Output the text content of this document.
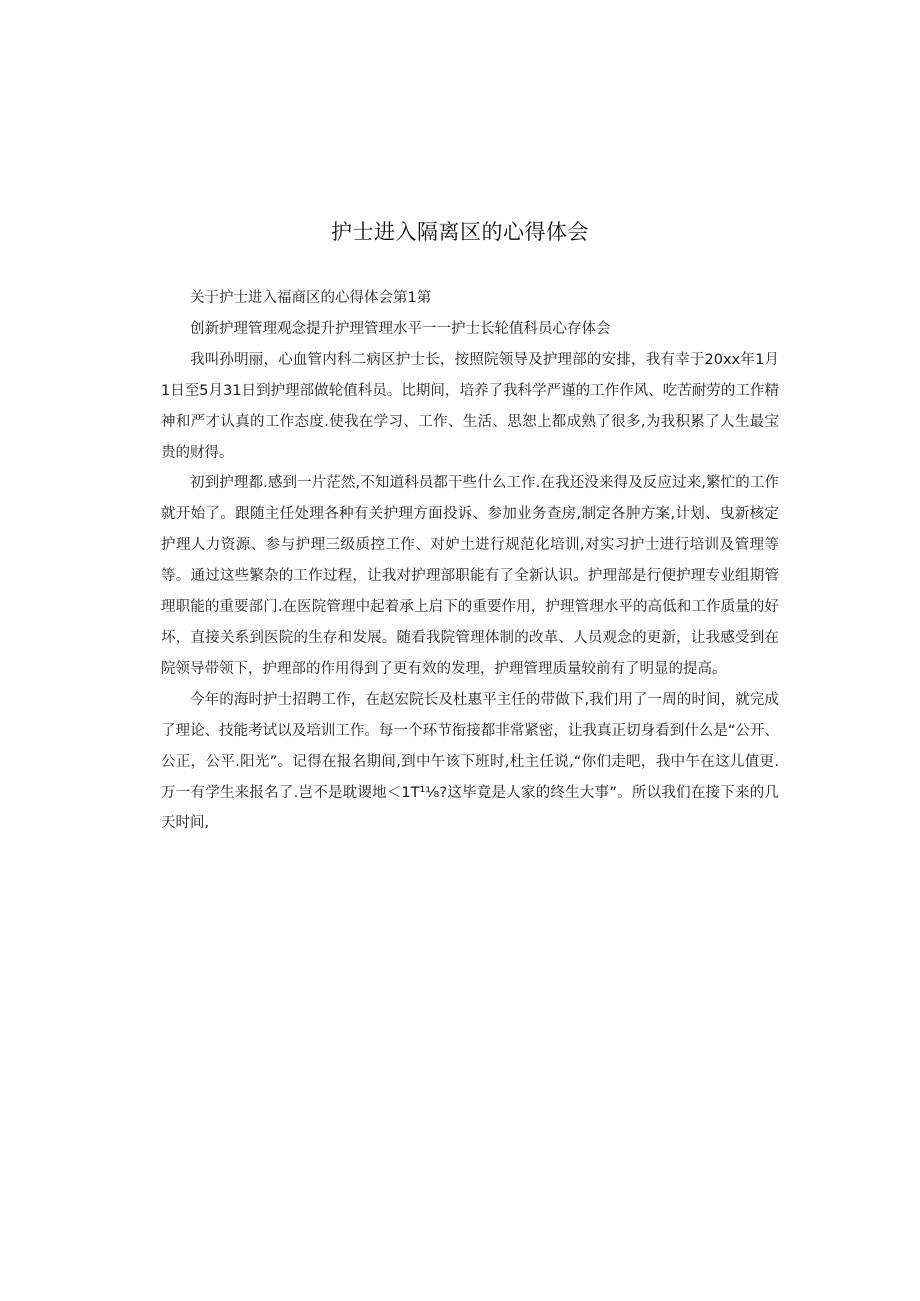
护士进入隔离区的心得体会

关于护士进入福商区的心得体会第1第

创新护理管理观念提升护理管理水平一一护士长轮值科员心存体会

我叫孙明丽，心血管内科二病区护士长，按照院领导及护理部的安排，我有幸于20xx年1月1日至5月31日到护理部做轮值科员。比期间，培养了我科学严谨的工作作风、吃苦耐劳的工作精神和严才认真的工作态度.使我在学习、工作、生活、思恕上都成熟了很多,为我积累了人生最宝贵的财得。

初到护理都.感到一片茫然,不知道科员都干些什么工作.在我还没来得及反应过来,繁忙的工作就开始了。跟随主任处理各种有关护理方面投诉、参加业务查房,制定各肿方案,计划、曳新核定护理人力资源、参与护理三级质控工作、对妒土进行规范化培训,对实习护士进行培训及管理等等。通过这些繁杂的工作过程，让我对护理部职能有了全新认识。护理部是行便护理专业组期管理职能的重要部门.在医院管理中起着承上启下的重要作用，护理管理水平的高低和工作质量的好坏，直接关系到医院的生存和发展。随看我院管理体制的改革、人员观念的更新，让我感受到在院领导带领下，护理部的作用得到了更有效的发理，护理管理质量较前有了明显的提高。

今年的海时护士招聘工作，在赵宏院长及杜惠平主任的带做下,我们用了一周的时间，就完成了理论、技能考试以及培训工作。每一个环节衔接都非常紧密，让我真正切身看到什么是“公开、公正，公平.阳光”。记得在报名期间,到中午该下班时,杜主任说,“你们走吧，我中午在这儿值更.万一有学生来报名了.岂不是耽谡地＜1T¹⅛?这毕竟是人家的终生大事”。所以我们在接下来的几天时间,
